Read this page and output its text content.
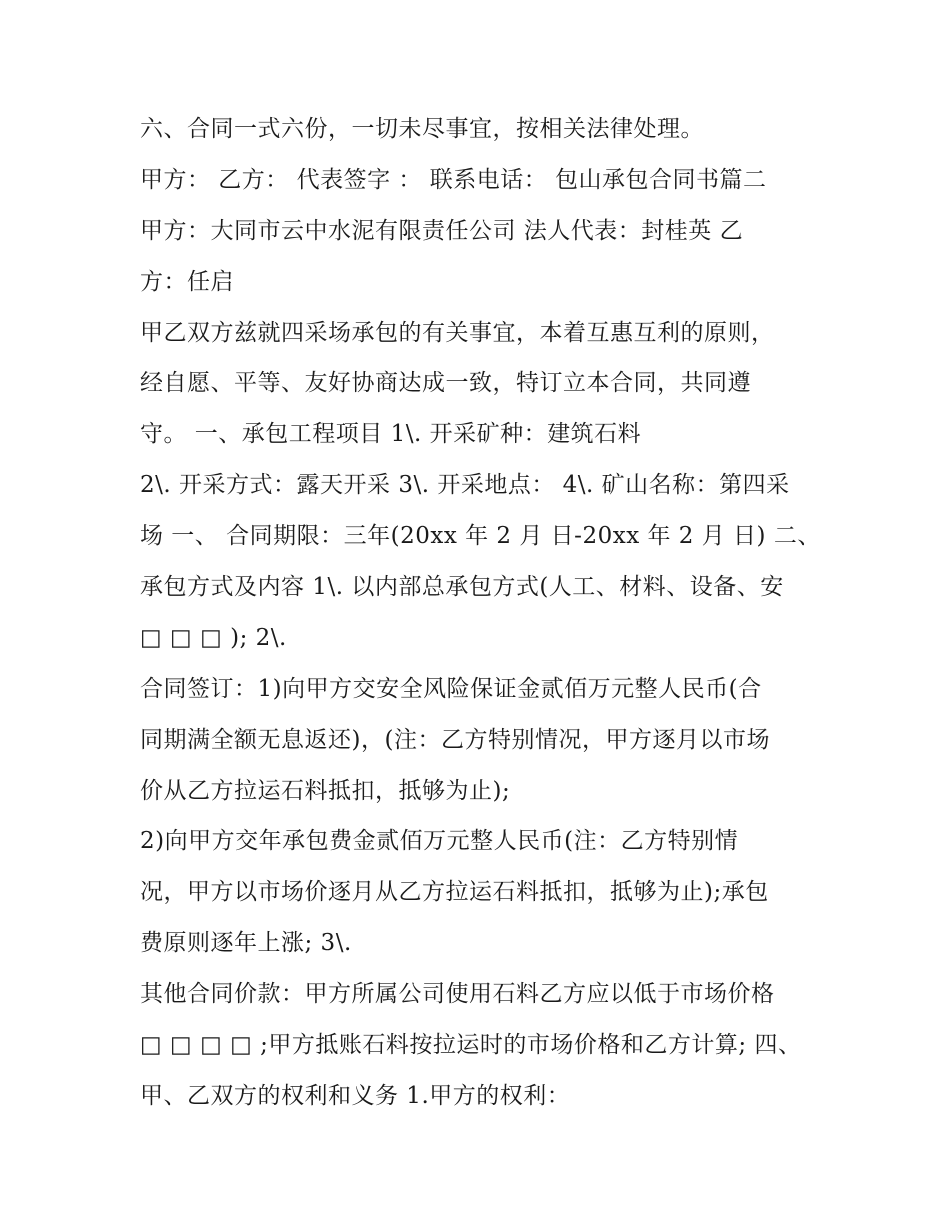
六、合同一式六份，一切未尽事宜，按相关法律处理。
甲方： 乙方： 代表签字 ： 联系电话： 包山承包合同书篇二
甲方：大同市云中水泥有限责任公司 法人代表：封桂英 乙
方：任启
甲乙双方兹就四采场承包的有关事宜，本着互惠互利的原则，
经自愿、平等、友好协商达成一致，特订立本合同，共同遵
守。 一、承包工程项目 1\. 开采矿种：建筑石料
2\. 开采方式：露天开采 3\. 开采地点： 4\. 矿山名称：第四采
场 一、 合同期限：三年(20xx 年 2 月 日-20xx 年 2 月 日) 二、
承包方式及内容 1\. 以内部总承包方式(人工、材料、设备、安
□ □ □ ); 2\.
合同签订：1)向甲方交安全风险保证金贰佰万元整人民币(合
同期满全额无息返还)，(注：乙方特别情况，甲方逐月以市场
价从乙方拉运石料抵扣，抵够为止);
2)向甲方交年承包费金贰佰万元整人民币(注：乙方特别情
况，甲方以市场价逐月从乙方拉运石料抵扣，抵够为止);承包
费原则逐年上涨; 3\.
其他合同价款：甲方所属公司使用石料乙方应以低于市场价格
□ □ □ □ ;甲方抵账石料按拉运时的市场价格和乙方计算; 四、
甲、乙双方的权利和义务 1.甲方的权利：
